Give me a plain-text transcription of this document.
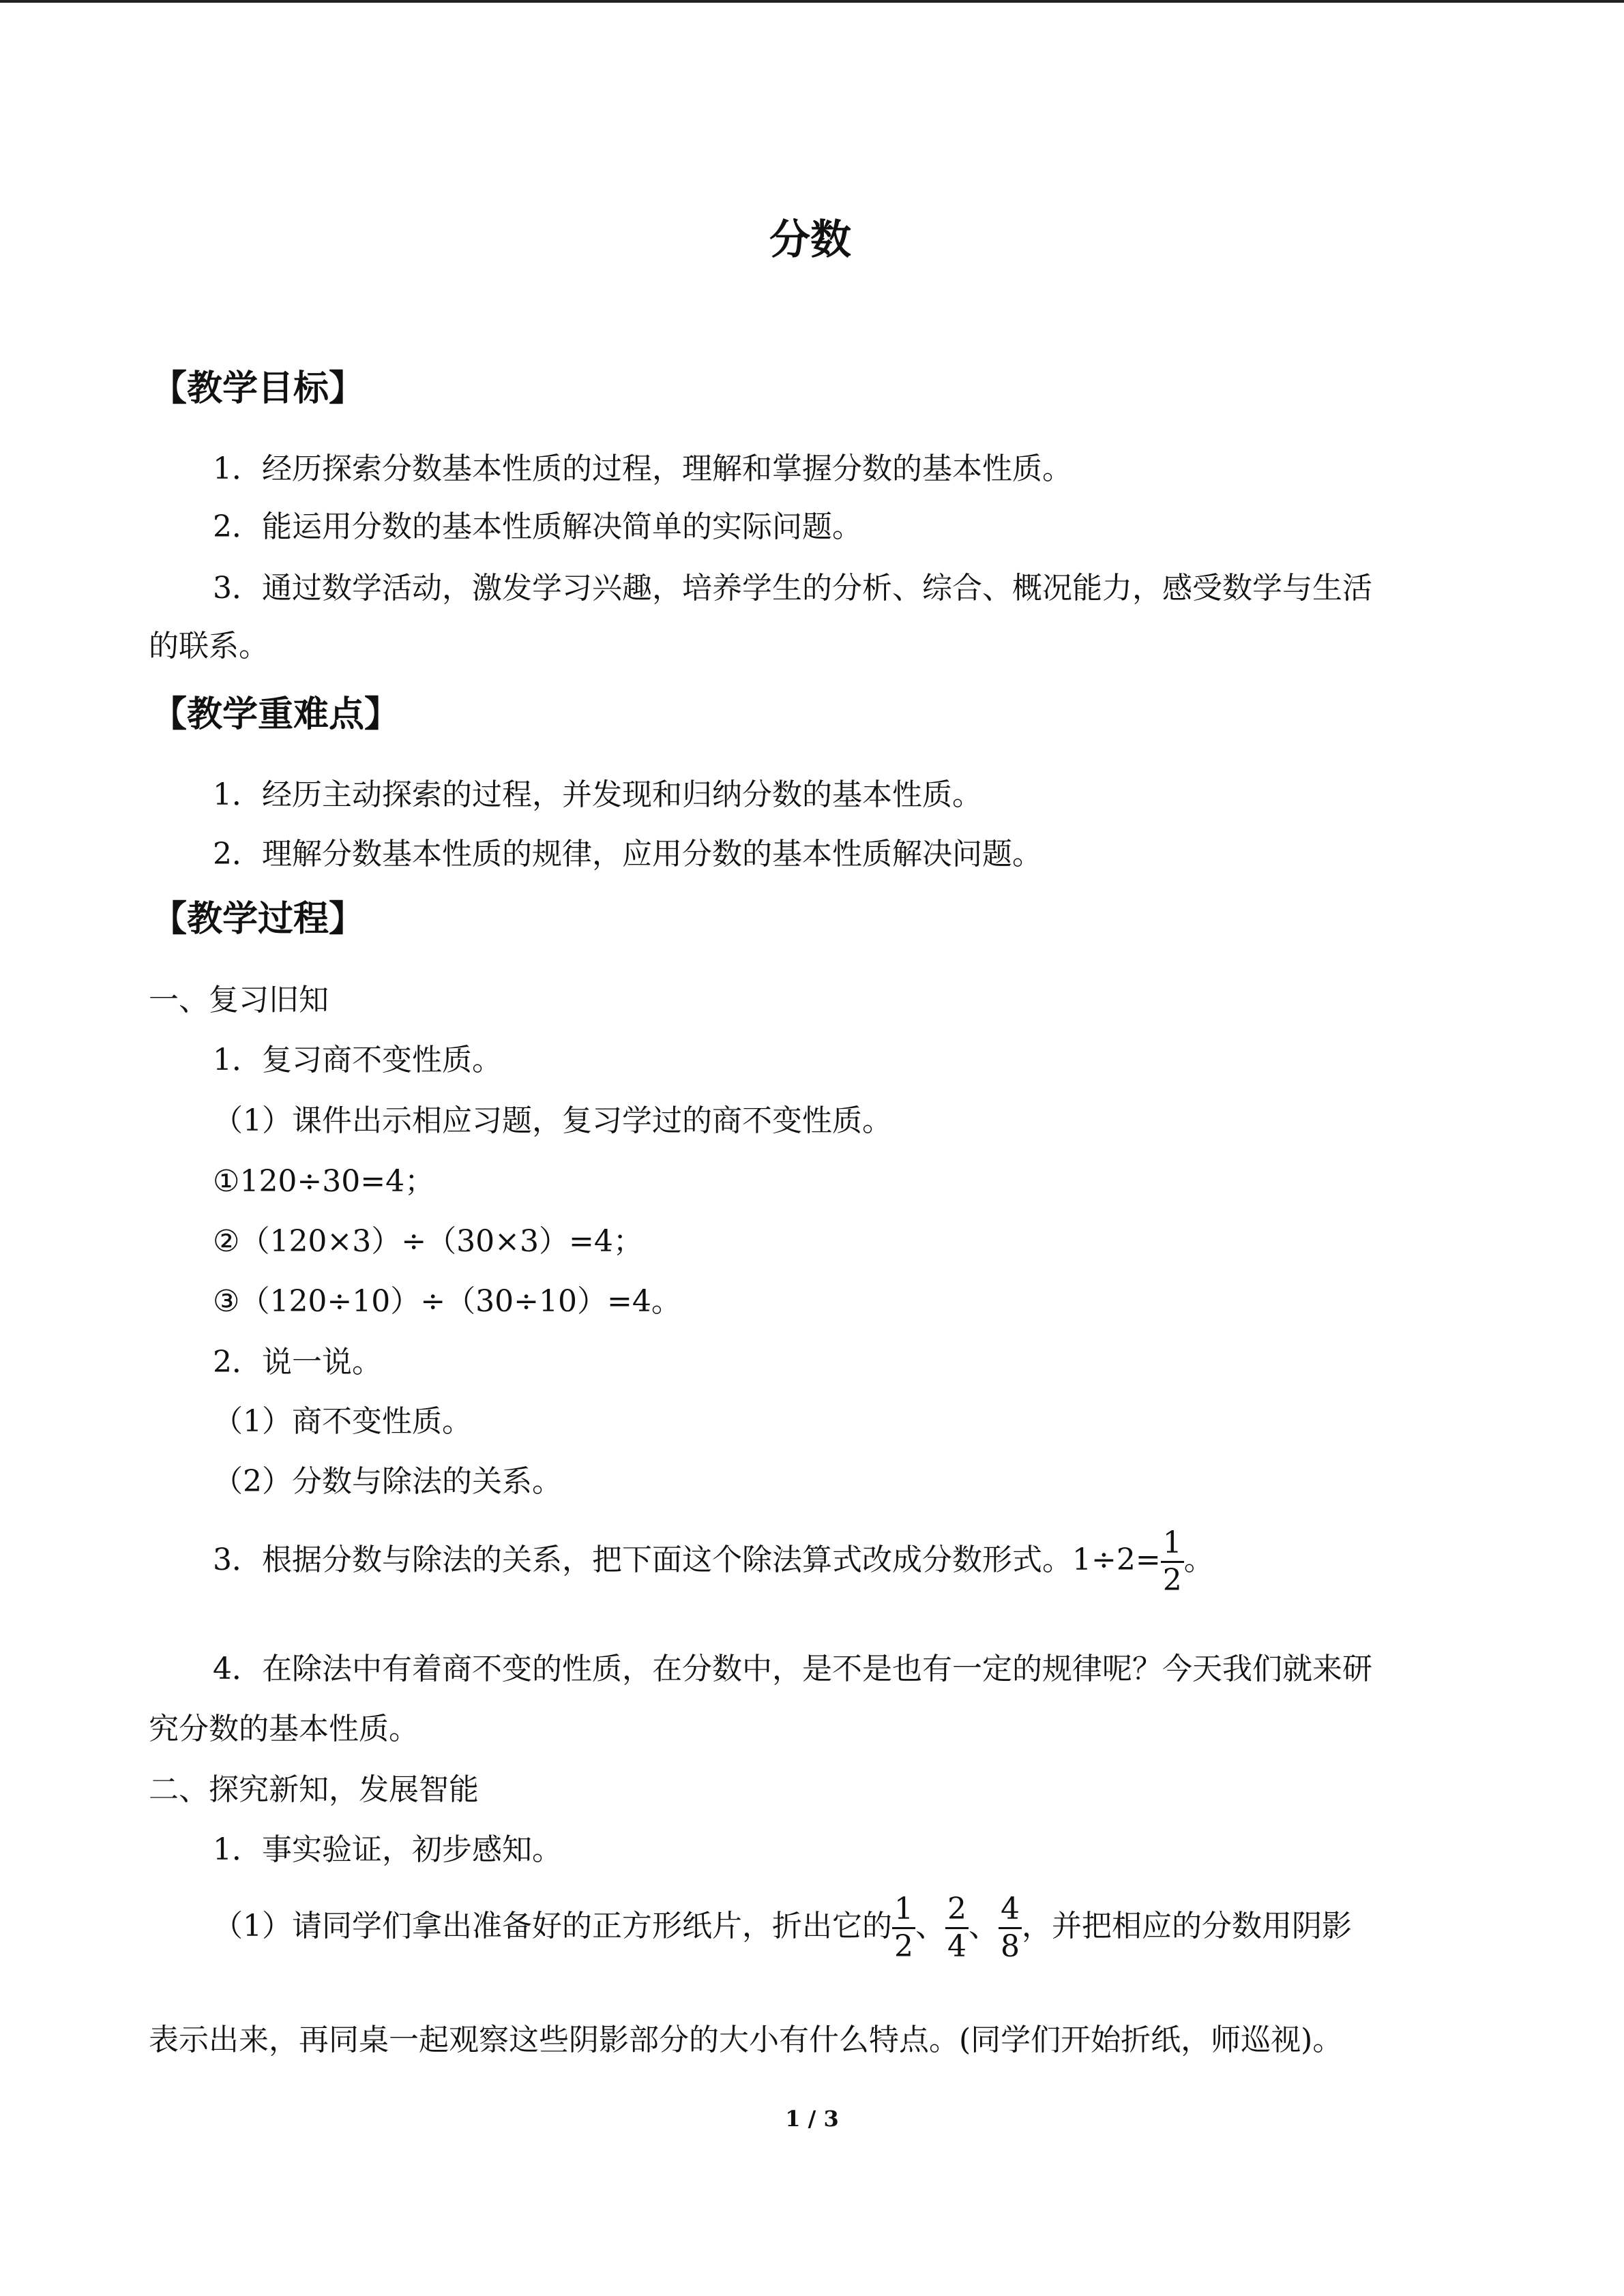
分数
【教学目标】
1．经历探索分数基本性质的过程，理解和掌握分数的基本性质。
2．能运用分数的基本性质解决简单的实际问题。
3．通过数学活动，激发学习兴趣，培养学生的分析、综合、概况能力，感受数学与生活
的联系。
【教学重难点】
1．经历主动探索的过程，并发现和归纳分数的基本性质。
2．理解分数基本性质的规律，应用分数的基本性质解决问题。
【教学过程】
一、复习旧知
1．复习商不变性质。
（1）课件出示相应习题，复习学过的商不变性质。
①120÷30=4；
②（120×3）÷（30×3）=4；
③（120÷10）÷（30÷10）=4。
2．说一说。
（1）商不变性质。
（2）分数与除法的关系。
3．根据分数与除法的关系，把下面这个除法算式改成分数形式。$1\div 2= \frac{1}{2}$ 。
4．在除法中有着商不变的性质，在分数中，是不是也有一定的规律呢？今天我们就来研
究分数的基本性质。
二、探究新知，发展智能
1．事实验证，初步感知。
（1）请同学们拿出准备好的正方形纸片，折出它的 $\frac{1}{2}$ 、 $\frac{2}{4}$ 、 $\frac{4}{8}$ ，并把相应的分数用阴影
表示出来，再同桌一起观察这些阴影部分的大小有什么特点。(同学们开始折纸，师巡视)。
1 / 3
